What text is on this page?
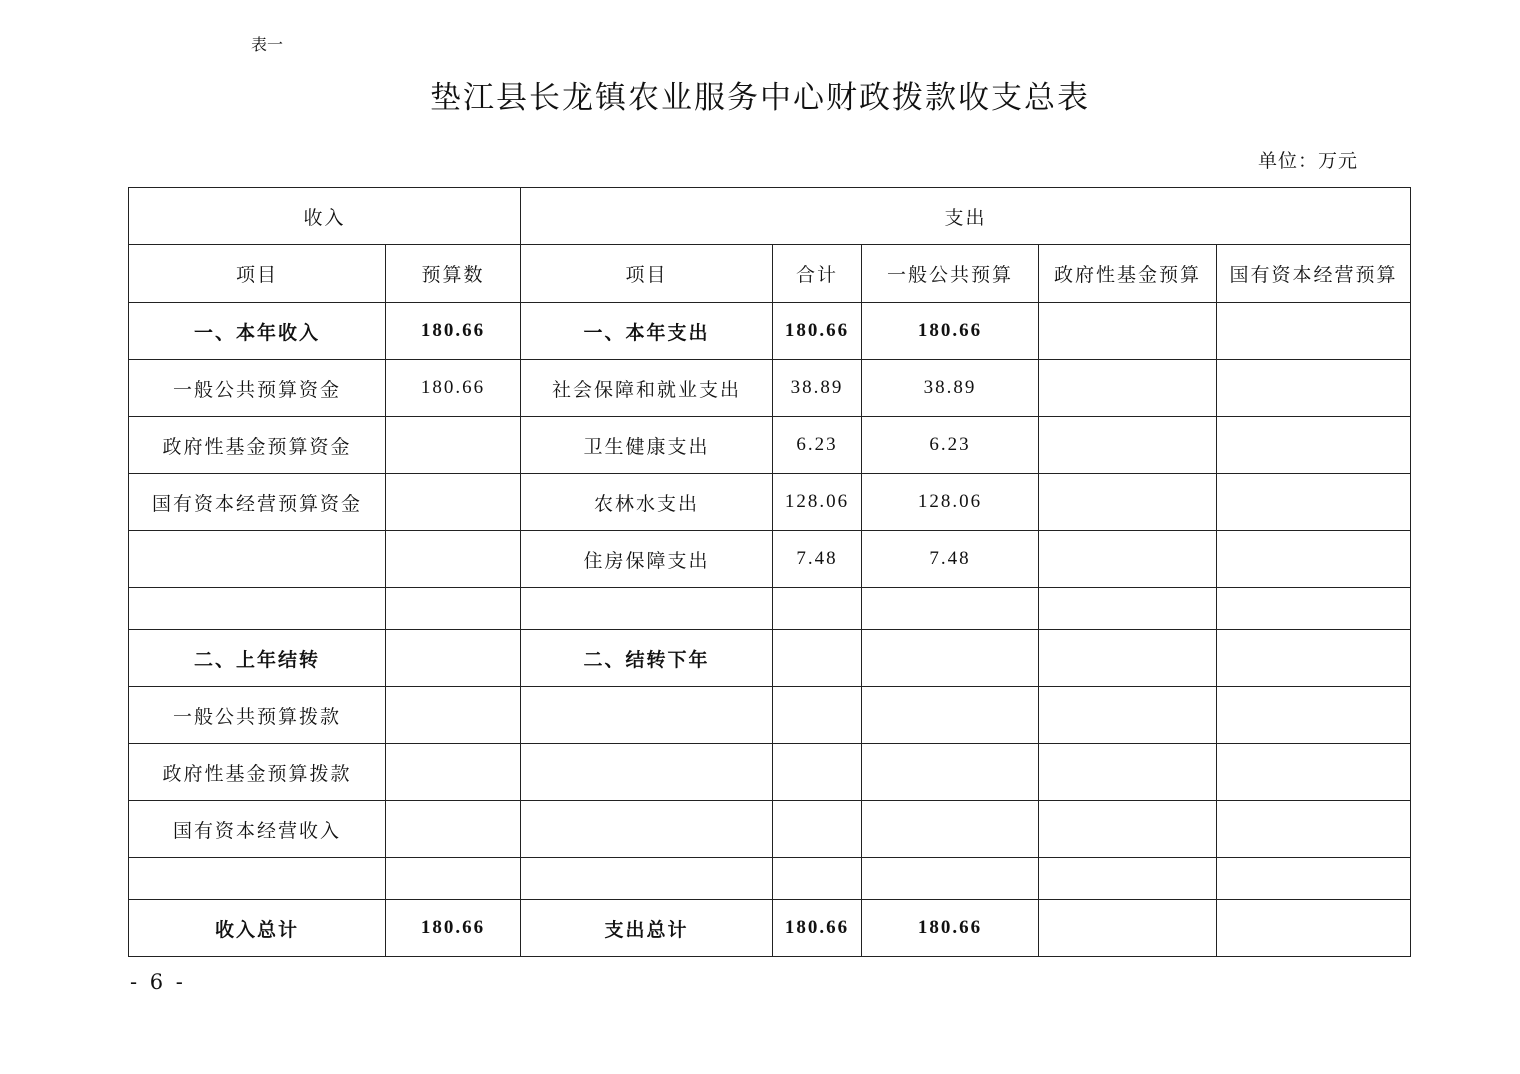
表一
垫江县长龙镇农业服务中心财政拨款收支总表
单位：万元
收入		支出				
项目	预算数	项目	合计	一般公共预算	政府性基金预算	国有资本经营预算
一、本年收入	180.66	一、本年支出	180.66	180.66		
一般公共预算资金	180.66	社会保障和就业支出	38.89	38.89		
政府性基金预算资金		卫生健康支出	6.23	6.23		
国有资本经营预算资金		农林水支出	128.06	128.06		
		住房保障支出	7.48	7.48		

二、上年结转		二、结转下年				
一般公共预算拨款						
政府性基金预算拨款						
国有资本经营收入						

收入总计	180.66	支出总计	180.66	180.66		
- 6 -
